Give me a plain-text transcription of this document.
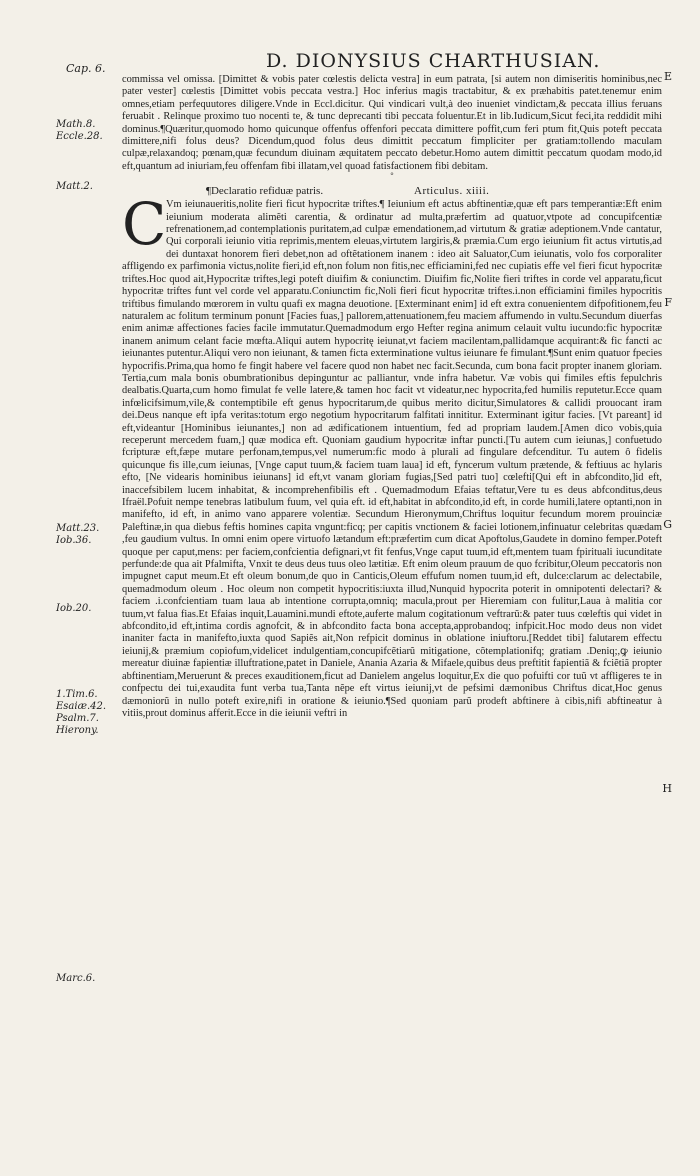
Cap. 6.	D. DIONYSIUS CHARTHUSIAN.
Math.8.
Eccle.28.
Matt.2.
Matt.23.
Iob.36.
Iob.20.
1.Tim.6.
Esaiæ.42.
Psalm.7.
Hierony.
Marc.6.
E
F
G
H

commissa vel omissa. [Dimittet & vobis pater cœlestis delicta vestra] in eum patrata, [si autem non dimiseritis hominibus,nec pater vester] cœlestis [Dimittet vobis peccata vestra.] Hoc inferius magis tractabitur, & ex præhabitis patet.tenemur enim omnes,etiam perfequutores diligere.Vnde in Eccl.dicitur. Qui vindicari vult,à deo inueniet vindictam,& peccata illius feruans feruabit . Relinque proximo tuo nocenti te, & tunc deprecanti tibi peccata foluentur.Et in lib.Iudicum,Sicut feci,ita reddidit mihi dominus.¶Quæritur,quomodo homo quicunque offenfus offenfori peccata dimittere poffit,cum feri ptum fit,Quis poteft peccata dimittere,nifi folus deus? Dicendum,quod folus deus dimittit peccatum fimpliciter per gratiam:tollendo maculam culpæ,relaxandoq; pœnam,quæ fecundum diuinam æquitatem peccato debetur.Homo autem dimittit peccatum quodam modo,id eft,quantum ad iniuriam,feu offenfam fibi illatam,vel quoad fatisfactionem fibi debitam.

°
¶Declaratio refiduæ patris.	Articulus. xiiii.
C Vm ieiunaueritis,nolite fieri ficut hypocritæ triftes.¶ Ieiunium eft actus abftinentiæ,quæ eft pars temperantiæ:Eft enim ieiunium moderata alimẽti carentia, & ordinatur ad multa,præfertim ad quatuor,vtpote ad concupifcentiæ refrenationem,ad contemplationis puritatem,ad culpæ emendationem,ad virtutum & gratiæ adeptionem.Vnde cantatur, Qui corporali ieiunio vitia reprimis,mentem eleuas,virtutem largiris,& præmia.Cum ergo ieiunium fit actus virtutis,ad dei duntaxat honorem fieri debet,non ad oftẽtationem inanem : ideo ait Saluator,Cum ieiunatis, volo fos corporaliter affligendo ex parfimonia victus,nolite fieri,id eft,non folum non fitis,nec efficiamini,fed nec cupiatis effe vel fieri ficut hypocritæ triftes.Hoc quod ait,Hypocritæ triftes,legi poteft diuifim & coniunctim. Diuifim fic,Nolite fieri triftes in corde vel apparatu,ficut hypocritæ triftes funt vel corde vel apparatu.Coniunctim fic,Noli fieri ficut hypocritæ triftes.i.non efficiamini fimiles hypocritis triftibus fimulando mœrorem in vultu quafi ex magna deuotione. [Exterminant enim] id eft extra conuenientem difpofitionem,feu naturalem ac folitum terminum ponunt [Facies fuas,] pallorem,attenuationem,feu maciem affumendo in vultu.Secundum diuerfas enim animæ affectiones facies facile immutatur.Quemadmodum ergo Hefter regina animum celauit vultu iucundo:fic hypocritæ inanem animum celant facie mœfta.Aliqui autem hypocritę ieiunat,vt faciem macilentam,pallidamque acquirant:& fic fancti ac ieiunantes putentur.Aliqui vero non ieiunant, & tamen ficta exterminatione vultus ieiunare fe fimulant.¶Sunt enim quatuor fpecies hypocrifis.Prima,qua homo fe fingit habere vel facere quod non habet nec facit.Secunda, cum bona facit propter inanem gloriam. Tertia,cum mala bonis obumbrationibus depinguntur ac palliantur, vnde infra habetur. Væ vobis qui fimiles eftis fepulchris dealbatis.Quarta,cum homo fimulat fe velle latere,& tamen hoc facit vt videatur,nec hypocrita,fed humilis reputetur.Ecce quam infœlicifsimum,vile,& contemptibile eft genus hypocritarum,de quibus merito dicitur,Simulatores & callidi prouocant iram dei.Deus nanque eft ipfa veritas:totum ergo negotium hypocritarum falfitati innititur. Exterminant igitur facies. [Vt pareant] id eft,videantur [Hominibus ieiunantes,] non ad ædificationem intuentium, fed ad propriam laudem.[Amen dico vobis,quia receperunt mercedem fuam,] quæ modica eft. Quoniam gaudium hypocritæ inftar puncti.[Tu autem cum ieiunas,] confuetudo fcripturæ eft,fæpe mutare perfonam,tempus,vel numerum:fic modo à plurali ad fingulare defcenditur. Tu autem ô fidelis quicunque fis ille,cum ieiunas, [Vnge caput tuum,& faciem tuam laua] id eft, fyncerum vultum prætende, & feftiuus ac hylaris efto, [Ne videaris hominibus ieiunans] id eft,vt vanam gloriam fugias,[Sed patri tuo] cœlefti[Qui eft in abfcondito,]id eft, inaccefsibilem lucem inhabitat, & incomprehenfibilis eft . Quemadmodum Efaias teftatur,Vere tu es deus abfconditus,deus Ifraël.Pofuit nempe tenebras latibulum fuum, vel quia eft. id eft,habitat in abfcondito,id eft, in corde humili,latere optanti,non in manifefto, id eft, in animo vano apparere volentiæ. Secundum Hieronymum,Chriftus loquitur fecundum morem prouinciæ Paleftinæ,in qua diebus feftis homines capita vngunt:ficq; per capitis vnctionem & faciei lotionem,infinuatur celebritas quædam ,feu gaudium vultus. In omni enim opere virtuofo lætandum eft:præfertim cum dicat Apoftolus,Gaudete in domino femper.Poteft quoque per caput,mens: per faciem,confcientia defignari,vt fit fenfus,Vnge caput tuum,id eft,mentem tuam fpirituali iucunditate perfunde:de qua ait Pfalmifta, Vnxit te deus deus tuus oleo lætitiæ. Eft enim oleum prauum de quo fcribitur,Oleum peccatoris non impugnet caput meum.Et eft oleum bonum,de quo in Canticis,Oleum effufum nomen tuum,id eft, dulce:clarum ac delectabile, quemadmodum oleum . Hoc oleum non competit hypocritis:iuxta illud,Nunquid hypocrita poterit in omnipotenti delectari? & faciem .i.confcientiam tuam laua ab intentione corrupta,omniq; macula,prout per Hieremiam con fulitur,Laua à malitia cor tuum,vt falua fias.Et Efaias inquit,Lauamini.mundi eftote,auferte malum cogitationum veftrarũ:& pater tuus cœleftis qui videt in abfcondito,id eft,intima cordis agnofcit, & in abfcondito facta bona accepta,approbandoq; infpicit.Hoc modo deus non videt inaniter facta in manifefto,iuxta quod Sapiẽs ait,Non refpicit dominus in oblatione iniuftoru.[Reddet tibi] falutarem effectu ieiunij,& præmium copiofum,videlicet indulgentiam,concupifcẽtiarũ mitigatione, cõtemplationifq; gratiam .Deniq;,ꝙ ieiunio mereatur diuinæ fapientiæ illuftratione,patet in Daniele, Anania Azaria & Mifaele,quibus deus preftitit fapientiã & fciẽtiã propter abftinentiam,Meruerunt & preces exauditionem,ficut ad Danielem angelus loquitur,Ex die quo pofuifti cor tuũ vt affligeres te in confpectu dei tui,exaudita funt verba tua,Tanta nẽpe eft virtus ieiunij,vt de pefsimi dæmonibus Chriftus dicat,Hoc genus dæmoniorũ in nullo poteft exire,nifi in oratione & ieiunio.¶Sed quoniam parũ prodeft abftinere à cibis,nifi abftineatur à vitiis,prout dominus afferit.Ecce in die ieiunii veftri in
